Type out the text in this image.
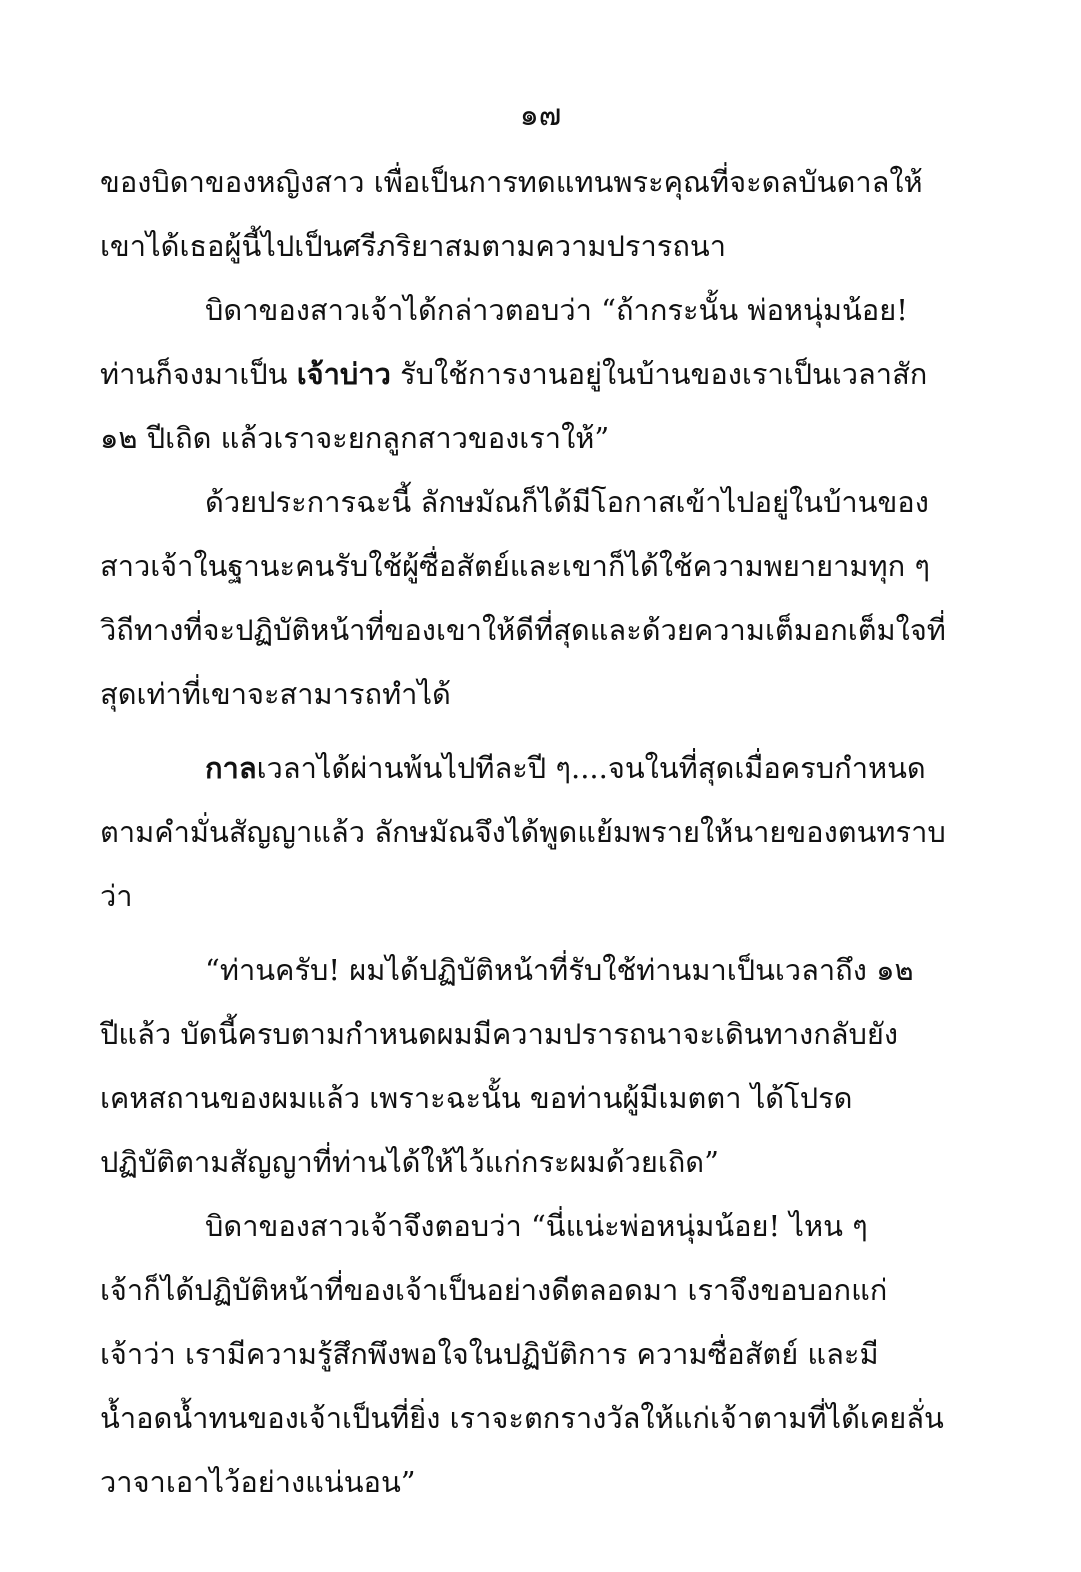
๑๗
ของบิดาของหญิงสาว เพื่อเป็นการทดแทนพระคุณที่จะดลบันดาลให้
เขาได้เธอผู้นี้ไปเป็นศรีภริยาสมตามความปรารถนา
บิดาของสาวเจ้าได้กล่าวตอบว่า “ถ้ากระนั้น พ่อหนุ่มน้อย!
ท่านก็จงมาเป็น เจ้าบ่าว รับใช้การงานอยู่ในบ้านของเราเป็นเวลาสัก
๑๒ ปีเถิด แล้วเราจะยกลูกสาวของเราให้”
ด้วยประการฉะนี้ ลักษมัณก็ได้มีโอกาสเข้าไปอยู่ในบ้านของ
สาวเจ้าในฐานะคนรับใช้ผู้ซื่อสัตย์และเขาก็ได้ใช้ความพยายามทุก ๆ
วิถีทางที่จะปฏิบัติหน้าที่ของเขาให้ดีที่สุดและด้วยความเต็มอกเต็มใจที่
สุดเท่าที่เขาจะสามารถทำได้
กาลเวลาได้ผ่านพ้นไปทีละปี ๆ....จนในที่สุดเมื่อครบกำหนด
ตามคำมั่นสัญญาแล้ว ลักษมัณจึงได้พูดแย้มพรายให้นายของตนทราบ
ว่า
“ท่านครับ! ผมได้ปฏิบัติหน้าที่รับใช้ท่านมาเป็นเวลาถึง ๑๒
ปีแล้ว บัดนี้ครบตามกำหนดผมมีความปรารถนาจะเดินทางกลับยัง
เคหสถานของผมแล้ว เพราะฉะนั้น ขอท่านผู้มีเมตตา ได้โปรด
ปฏิบัติตามสัญญาที่ท่านได้ให้ไว้แก่กระผมด้วยเถิด”
บิดาของสาวเจ้าจึงตอบว่า “นี่แน่ะพ่อหนุ่มน้อย! ไหน ๆ
เจ้าก็ได้ปฏิบัติหน้าที่ของเจ้าเป็นอย่างดีตลอดมา เราจึงขอบอกแก่
เจ้าว่า เรามีความรู้สึกพึงพอใจในปฏิบัติการ ความซื่อสัตย์ และมี
น้ำอดน้ำทนของเจ้าเป็นที่ยิ่ง เราจะตกรางวัลให้แก่เจ้าตามที่ได้เคยลั่น
วาจาเอาไว้อย่างแน่นอน”
